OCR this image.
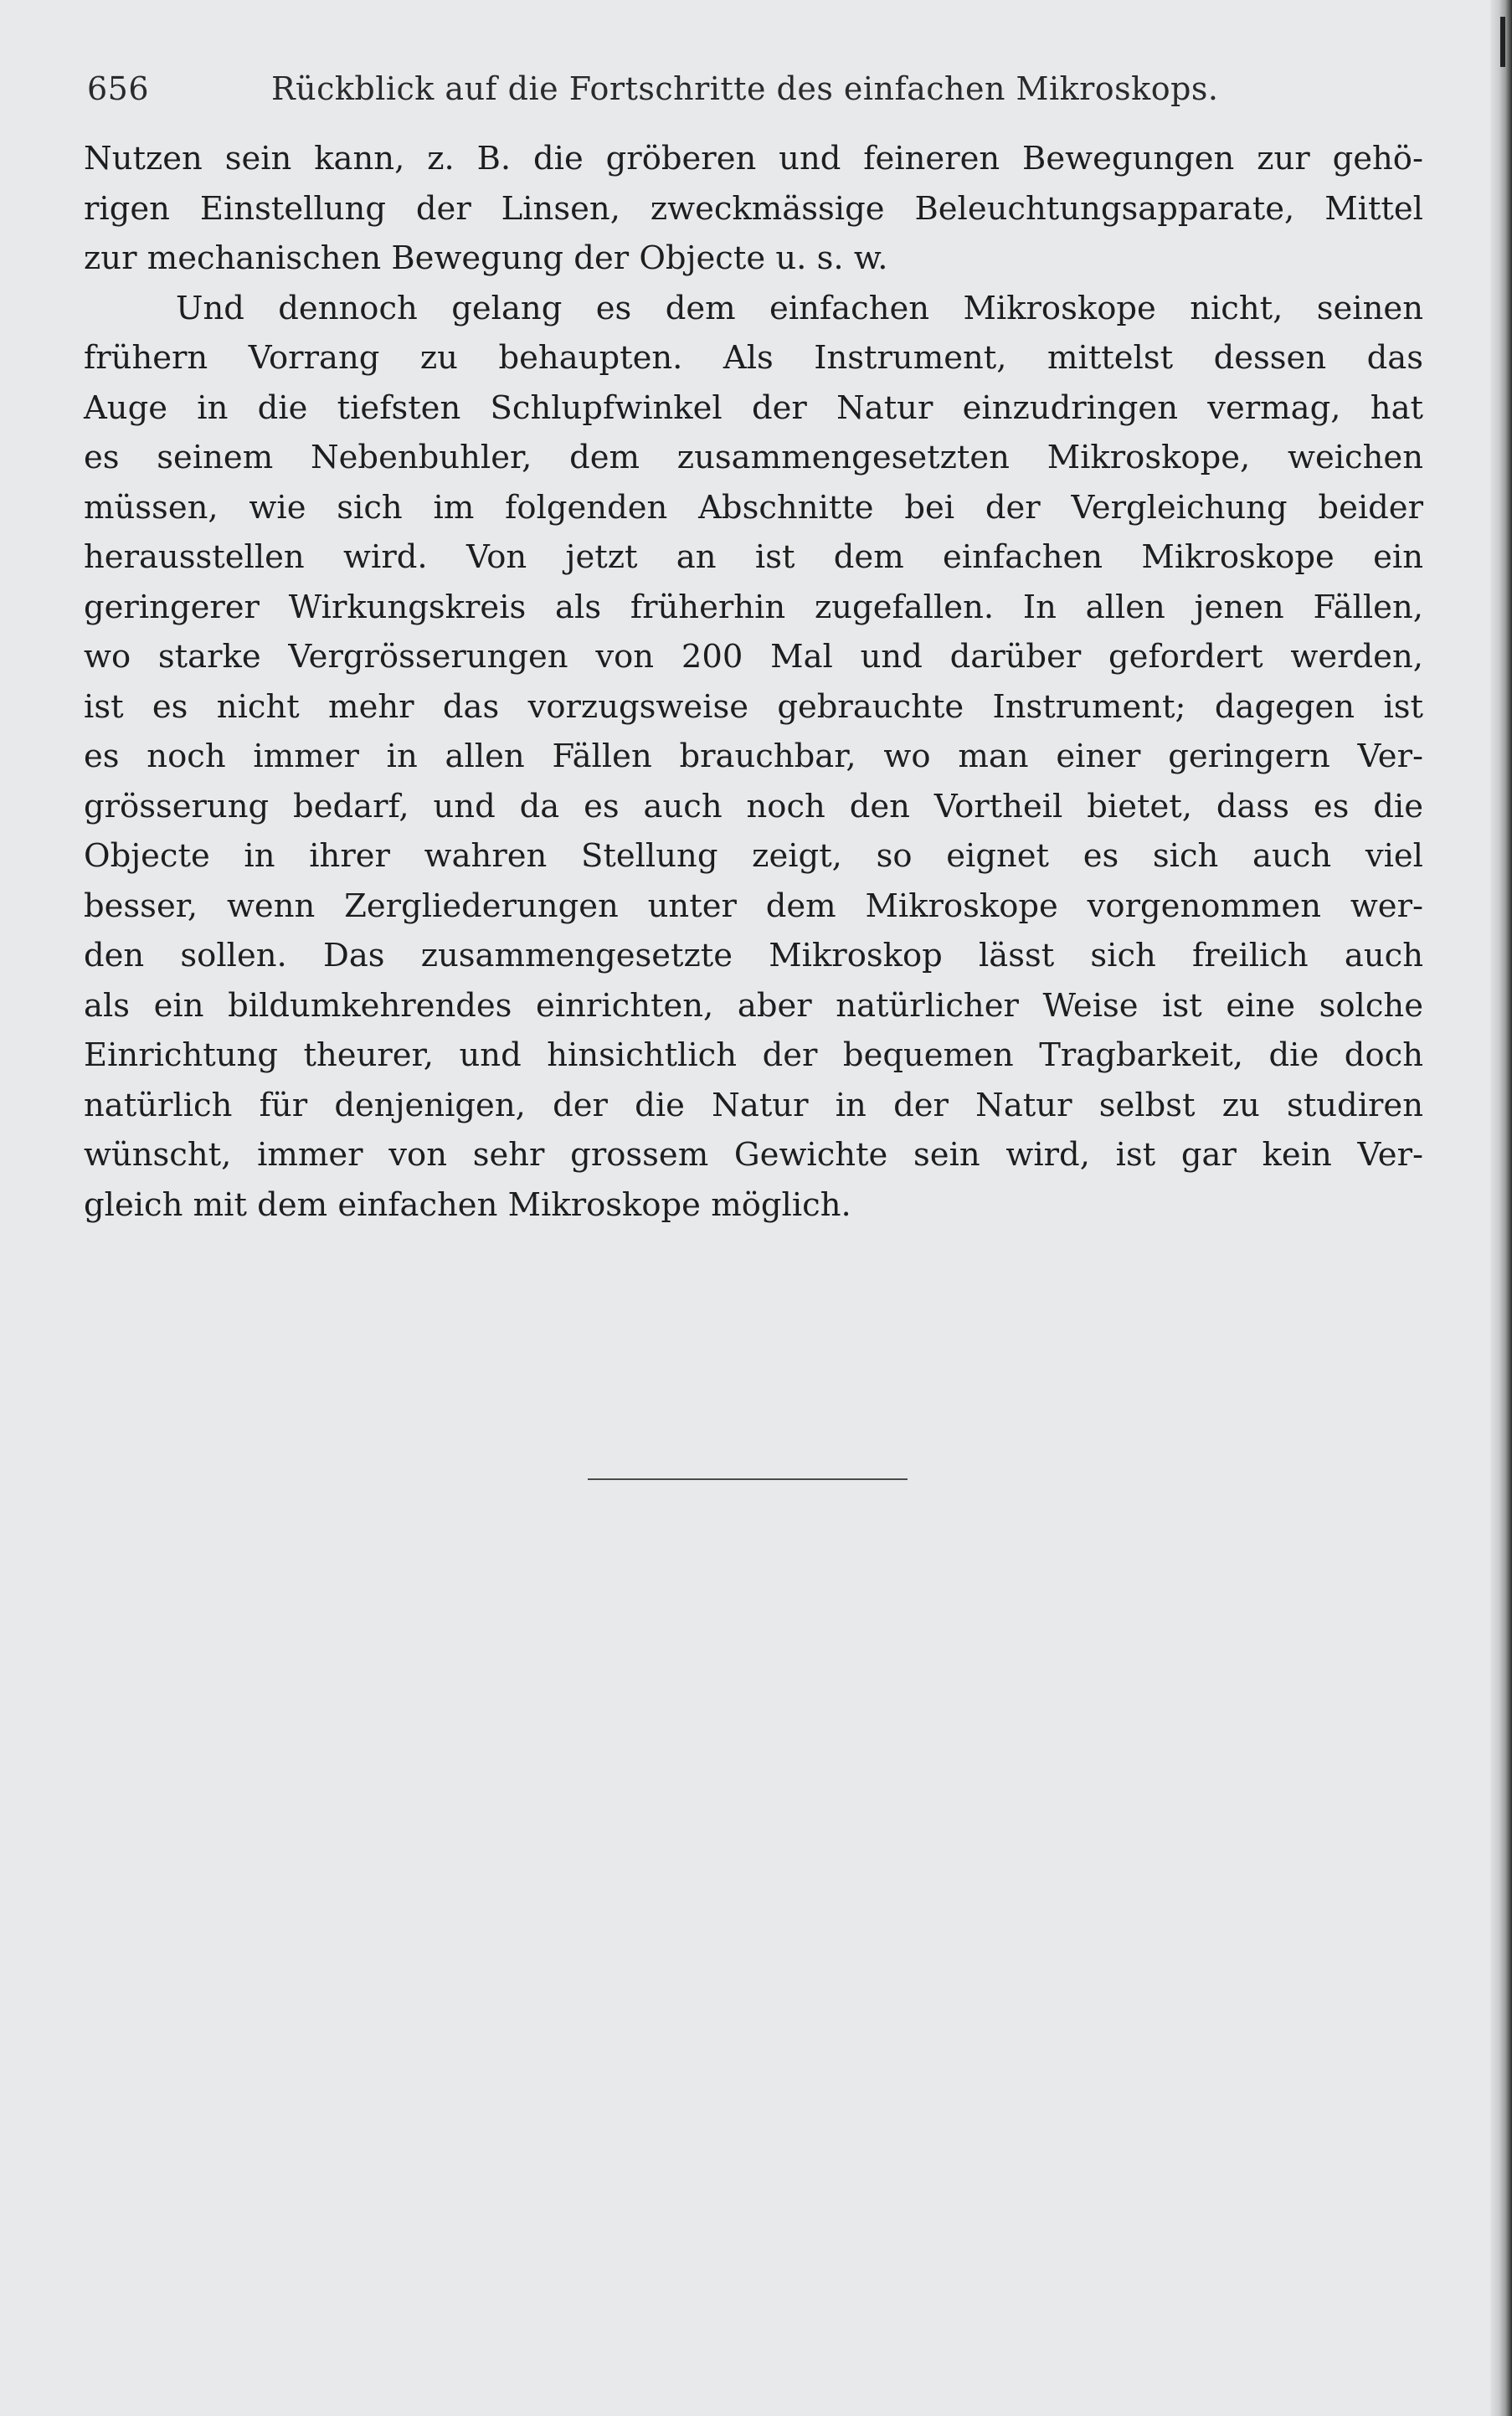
656	Rückblick auf die Fortschritte des einfachen Mikroskops.
Nutzen sein kann, z. B. die gröberen und feineren Bewegungen zur gehö-
rigen Einstellung der Linsen, zweckmässige Beleuchtungsapparate, Mittel
zur mechanischen Bewegung der Objecte u. s. w.
Und dennoch gelang es dem einfachen Mikroskope nicht, seinen
frühern Vorrang zu behaupten. Als Instrument, mittelst dessen das
Auge in die tiefsten Schlupfwinkel der Natur einzudringen vermag, hat
es seinem Nebenbuhler, dem zusammengesetzten Mikroskope, weichen
müssen, wie sich im folgenden Abschnitte bei der Vergleichung beider
herausstellen wird. Von jetzt an ist dem einfachen Mikroskope ein
geringerer Wirkungskreis als früherhin zugefallen. In allen jenen Fällen,
wo starke Vergrösserungen von 200 Mal und darüber gefordert werden,
ist es nicht mehr das vorzugsweise gebrauchte Instrument; dagegen ist
es noch immer in allen Fällen brauchbar, wo man einer geringern Ver-
grösserung bedarf, und da es auch noch den Vortheil bietet, dass es die
Objecte in ihrer wahren Stellung zeigt, so eignet es sich auch viel
besser, wenn Zergliederungen unter dem Mikroskope vorgenommen wer-
den sollen. Das zusammengesetzte Mikroskop lässt sich freilich auch
als ein bildumkehrendes einrichten, aber natürlicher Weise ist eine solche
Einrichtung theurer, und hinsichtlich der bequemen Tragbarkeit, die doch
natürlich für denjenigen, der die Natur in der Natur selbst zu studiren
wünscht, immer von sehr grossem Gewichte sein wird, ist gar kein Ver-
gleich mit dem einfachen Mikroskope möglich.
